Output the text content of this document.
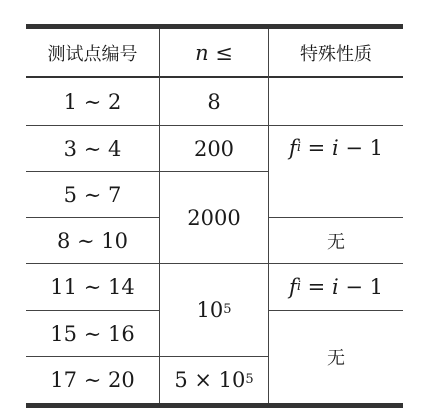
测试点编号	n
≤	特殊性质
1 ∼ 2
3 ∼ 4
5 ∼ 7
8 ∼ 10
11 ∼ 14
15 ∼ 16
17 ∼ 20
8
200
2000
10 5
5 × 10 5
f i = i − 1
无
f i = i − 1
无
